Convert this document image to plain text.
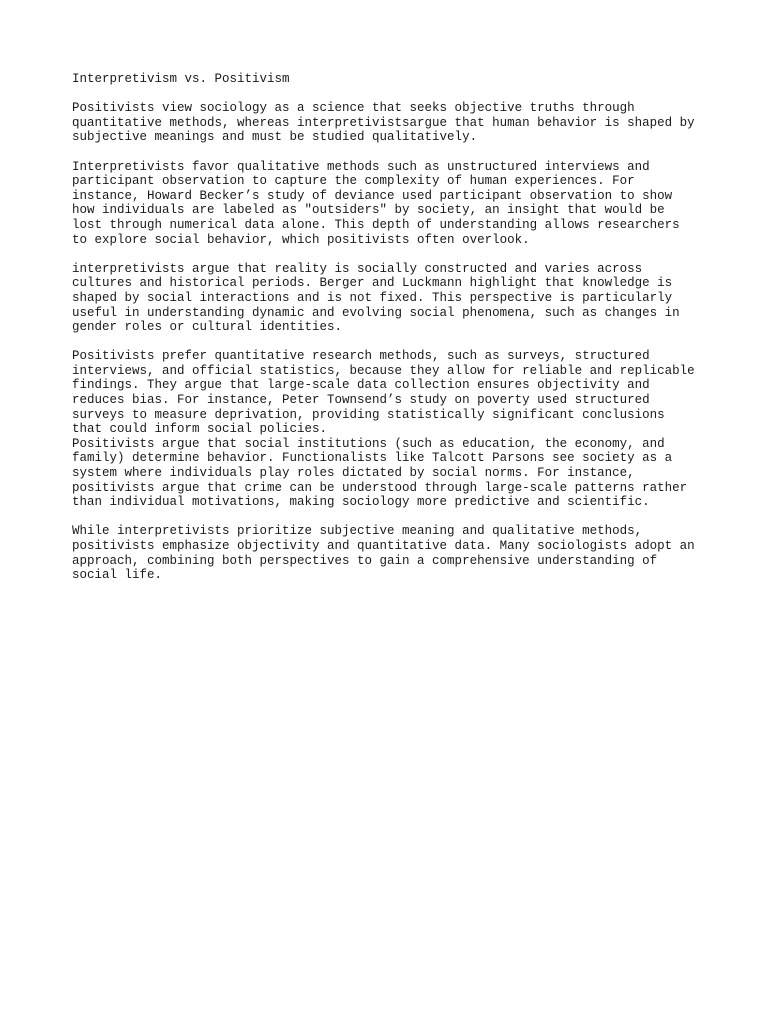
Interpretivism vs. Positivism

Positivists view sociology as a science that seeks objective truths through
quantitative methods, whereas interpretivistsargue that human behavior is shaped by
subjective meanings and must be studied qualitatively.

Interpretivists favor qualitative methods such as unstructured interviews and
participant observation to capture the complexity of human experiences. For
instance, Howard Becker’s study of deviance used participant observation to show
how individuals are labeled as "outsiders" by society, an insight that would be
lost through numerical data alone. This depth of understanding allows researchers
to explore social behavior, which positivists often overlook.

interpretivists argue that reality is socially constructed and varies across
cultures and historical periods. Berger and Luckmann highlight that knowledge is
shaped by social interactions and is not fixed. This perspective is particularly
useful in understanding dynamic and evolving social phenomena, such as changes in
gender roles or cultural identities.

Positivists prefer quantitative research methods, such as surveys, structured
interviews, and official statistics, because they allow for reliable and replicable
findings. They argue that large-scale data collection ensures objectivity and
reduces bias. For instance, Peter Townsend’s study on poverty used structured
surveys to measure deprivation, providing statistically significant conclusions
that could inform social policies.

Positivists argue that social institutions (such as education, the economy, and
family) determine behavior. Functionalists like Talcott Parsons see society as a
system where individuals play roles dictated by social norms. For instance,
positivists argue that crime can be understood through large-scale patterns rather
than individual motivations, making sociology more predictive and scientific.

While interpretivists prioritize subjective meaning and qualitative methods,
positivists emphasize objectivity and quantitative data. Many sociologists adopt an
approach, combining both perspectives to gain a comprehensive understanding of
social life.
